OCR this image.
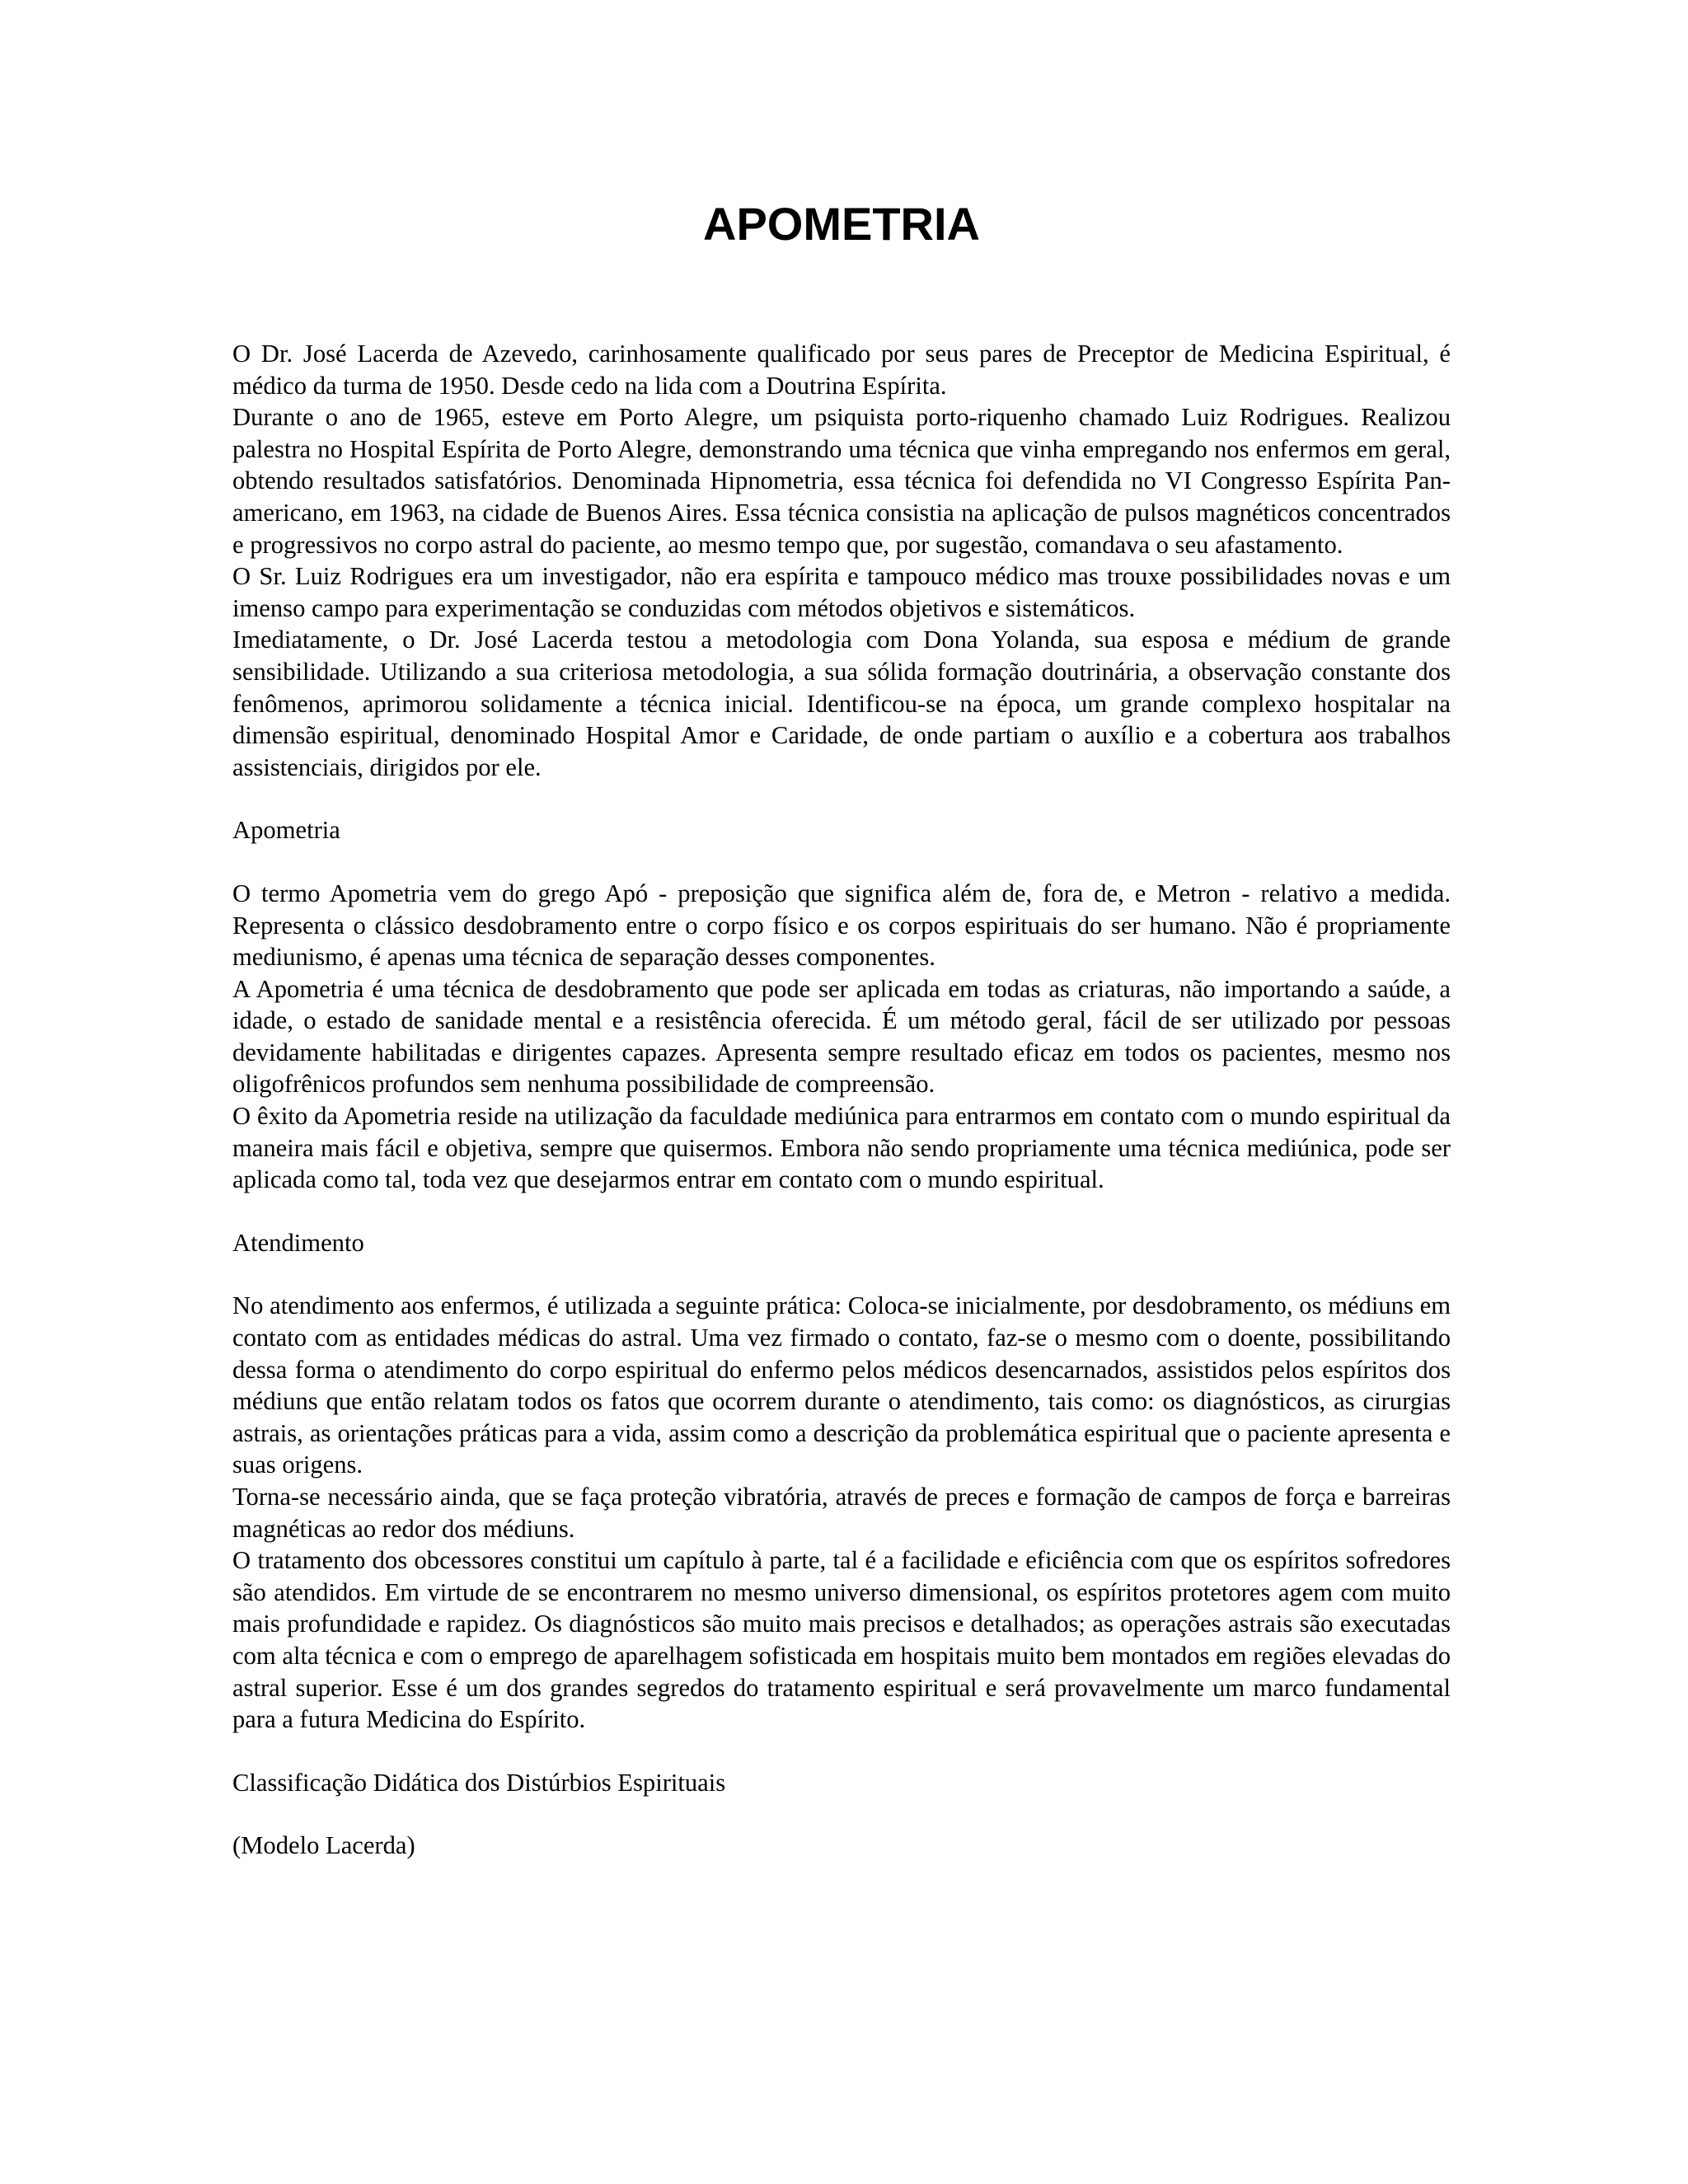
APOMETRIA

O Dr. José Lacerda de Azevedo, carinhosamente qualificado por seus pares de Preceptor de Medicina Espiritual, é médico da turma de 1950. Desde cedo na lida com a Doutrina Espírita.

Durante o ano de 1965, esteve em Porto Alegre, um psiquista porto-riquenho chamado Luiz Rodrigues. Realizou palestra no Hospital Espírita de Porto Alegre, demonstrando uma técnica que vinha empregando nos enfermos em geral, obtendo resultados satisfatórios. Denominada Hipnometria, essa técnica foi defendida no VI Congresso Espírita Pan-americano, em 1963, na cidade de Buenos Aires. Essa técnica consistia na aplicação de pulsos magnéticos concentrados e progressivos no corpo astral do paciente, ao mesmo tempo que, por sugestão, comandava o seu afastamento.

O Sr. Luiz Rodrigues era um investigador, não era espírita e tampouco médico mas trouxe possibilidades novas e um imenso campo para experimentação se conduzidas com métodos objetivos e sistemáticos.

Imediatamente, o Dr. José Lacerda testou a metodologia com Dona Yolanda, sua esposa e médium de grande sensibilidade. Utilizando a sua criteriosa metodologia, a sua sólida formação doutrinária, a observação constante dos fenômenos, aprimorou solidamente a técnica inicial. Identificou-se na época, um grande complexo hospitalar na dimensão espiritual, denominado Hospital Amor e Caridade, de onde partiam o auxílio e a cobertura aos trabalhos assistenciais, dirigidos por ele.

Apometria

O termo Apometria vem do grego Apó - preposição que significa além de, fora de, e Metron - relativo a medida. Representa o clássico desdobramento entre o corpo físico e os corpos espirituais do ser humano. Não é propriamente mediunismo, é apenas uma técnica de separação desses componentes.

A Apometria é uma técnica de desdobramento que pode ser aplicada em todas as criaturas, não importando a saúde, a idade, o estado de sanidade mental e a resistência oferecida. É um método geral, fácil de ser utilizado por pessoas devidamente habilitadas e dirigentes capazes. Apresenta sempre resultado eficaz em todos os pacientes, mesmo nos oligofrênicos profundos sem nenhuma possibilidade de compreensão.

O êxito da Apometria reside na utilização da faculdade mediúnica para entrarmos em contato com o mundo espiritual da maneira mais fácil e objetiva, sempre que quisermos. Embora não sendo propriamente uma técnica mediúnica, pode ser aplicada como tal, toda vez que desejarmos entrar em contato com o mundo espiritual.

Atendimento

No atendimento aos enfermos, é utilizada a seguinte prática: Coloca-se inicialmente, por desdobramento, os médiuns em contato com as entidades médicas do astral. Uma vez firmado o contato, faz-se o mesmo com o doente, possibilitando dessa forma o atendimento do corpo espiritual do enfermo pelos médicos desencarnados, assistidos pelos espíritos dos médiuns que então relatam todos os fatos que ocorrem durante o atendimento, tais como: os diagnósticos, as cirurgias astrais, as orientações práticas para a vida, assim como a descrição da problemática espiritual que o paciente apresenta e suas origens.

Torna-se necessário ainda, que se faça proteção vibratória, através de preces e formação de campos de força e barreiras magnéticas ao redor dos médiuns.

O tratamento dos obcessores constitui um capítulo à parte, tal é a facilidade e eficiência com que os espíritos sofredores são atendidos. Em virtude de se encontrarem no mesmo universo dimensional, os espíritos protetores agem com muito mais profundidade e rapidez. Os diagnósticos são muito mais precisos e detalhados; as operações astrais são executadas com alta técnica e com o emprego de aparelhagem sofisticada em hospitais muito bem montados em regiões elevadas do astral superior. Esse é um dos grandes segredos do tratamento espiritual e será provavelmente um marco fundamental para a futura Medicina do Espírito.

Classificação Didática dos Distúrbios Espirituais

(Modelo Lacerda)
